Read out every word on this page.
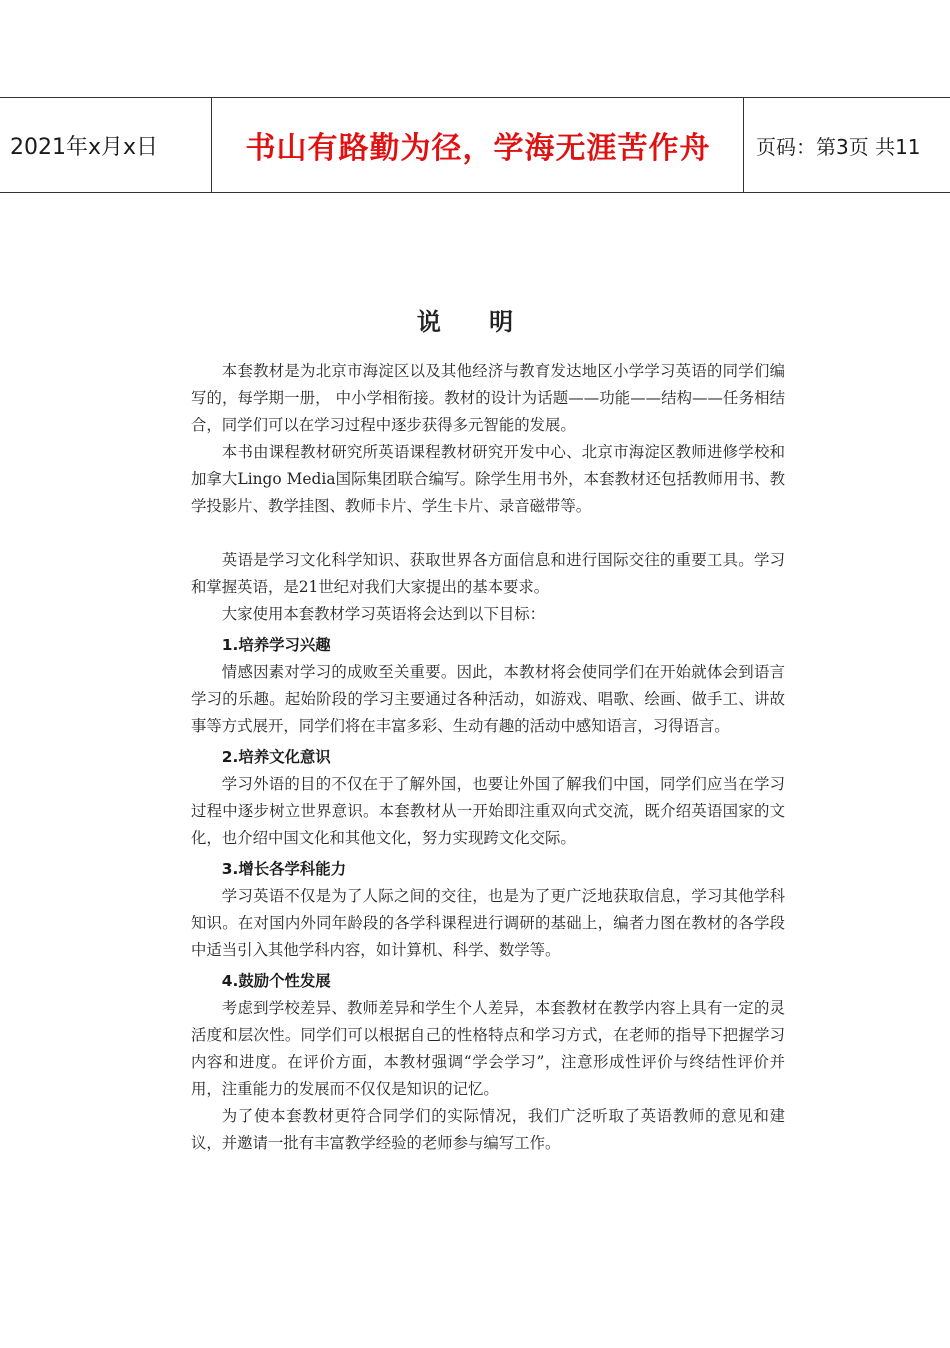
2021年x月x日	书山有路勤为径，学海无涯苦作舟	页码：第3页 共11
说 明

本套教材是为北京市海淀区以及其他经济与教育发达地区小学学习英语的同学们编写的，每学期一册， 中小学相衔接。教材的设计为话题——功能——结构——任务相结合，同学们可以在学习过程中逐步获得多元智能的发展。

本书由课程教材研究所英语课程教材研究开发中心、北京市海淀区教师进修学校和加拿大Lingo Media国际集团联合编写。除学生用书外，本套教材还包括教师用书、教学投影片、教学挂图、教师卡片、学生卡片、录音磁带等。

英语是学习文化科学知识、获取世界各方面信息和进行国际交往的重要工具。学习和掌握英语，是21世纪对我们大家提出的基本要求。

大家使用本套教材学习英语将会达到以下目标：

1.培养学习兴趣

情感因素对学习的成败至关重要。因此，本教材将会使同学们在开始就体会到语言学习的乐趣。起始阶段的学习主要通过各种活动，如游戏、唱歌、绘画、做手工、讲故事等方式展开，同学们将在丰富多彩、生动有趣的活动中感知语言，习得语言。

2.培养文化意识

学习外语的目的不仅在于了解外国，也要让外国了解我们中国，同学们应当在学习过程中逐步树立世界意识。本套教材从一开始即注重双向式交流，既介绍英语国家的文化，也介绍中国文化和其他文化，努力实现跨文化交际。

3.增长各学科能力

学习英语不仅是为了人际之间的交往，也是为了更广泛地获取信息，学习其他学科知识。在对国内外同年龄段的各学科课程进行调研的基础上，编者力图在教材的各学段中适当引入其他学科内容，如计算机、科学、数学等。

4.鼓励个性发展

考虑到学校差异、教师差异和学生个人差异，本套教材在教学内容上具有一定的灵活度和层次性。同学们可以根据自己的性格特点和学习方式，在老师的指导下把握学习内容和进度。在评价方面，本教材强调“学会学习”，注意形成性评价与终结性评价并用，注重能力的发展而不仅仅是知识的记忆。

为了使本套教材更符合同学们的实际情况，我们广泛听取了英语教师的意见和建议，并邀请一批有丰富教学经验的老师参与编写工作。
